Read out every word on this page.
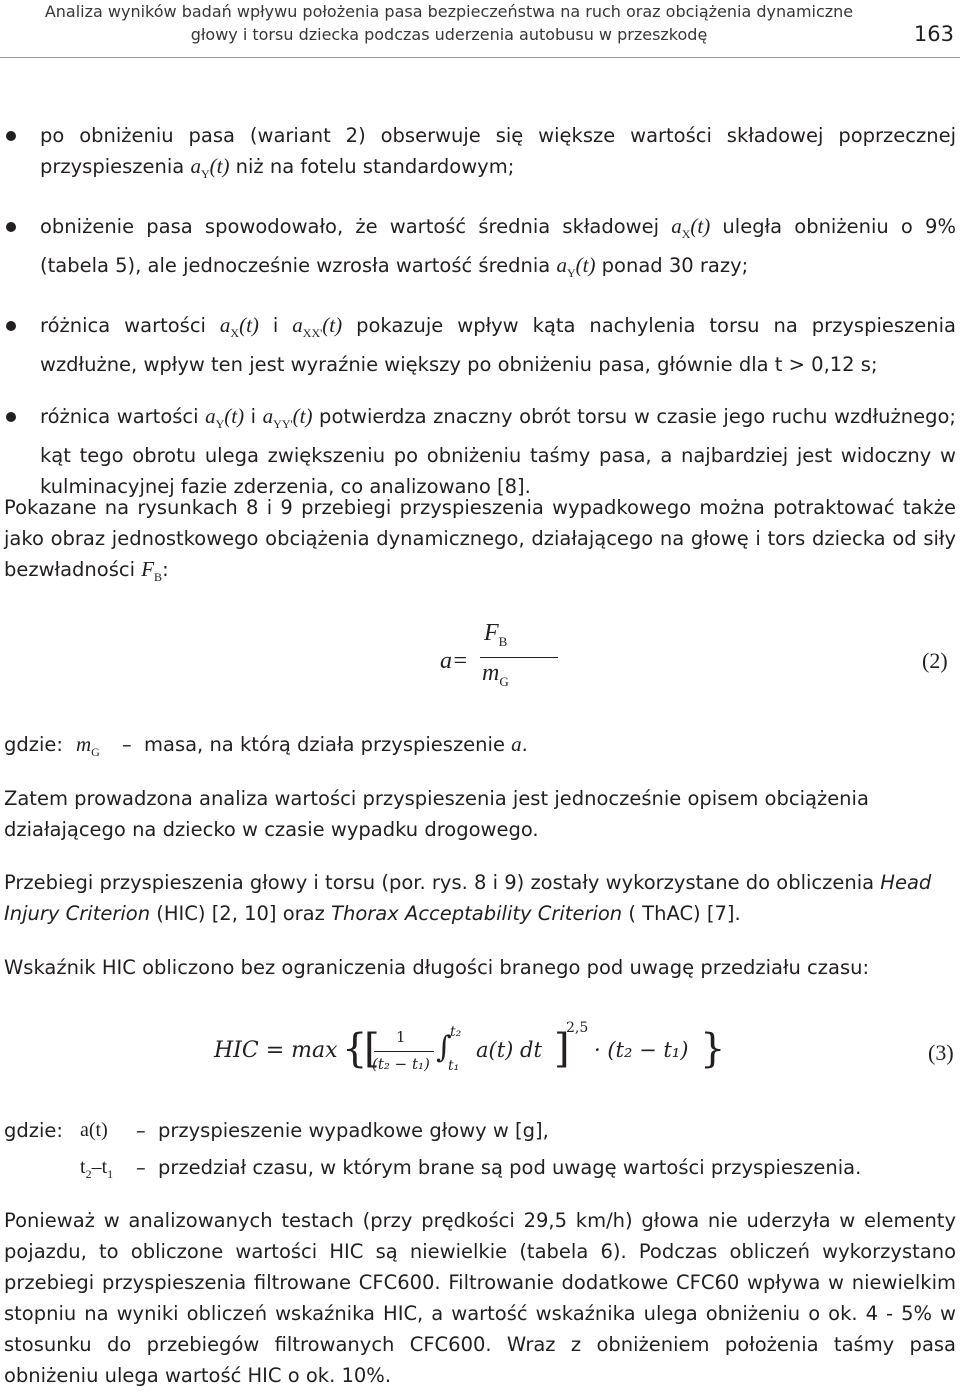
Analiza wyników badań wpływu położenia pasa bezpieczeństwa na ruch oraz obciążenia dynamiczne
głowy i torsu dziecka podczas uderzenia autobusu w przeszkodę	163
po obniżeniu pasa (wariant 2) obserwuje się większe wartości składowej poprzecznej przyspieszenia $a_Y(t)$ niż na fotelu standardowym;
obniżenie pasa spowodowało, że wartość średnia składowej $a_X(t)$ uległa obniżeniu o 9% (tabela 5), ale jednocześnie wzrosła wartość średnia $a_Y(t)$ ponad 30 razy;
różnica wartości $a_X(t)$ i $a_{XX'}(t)$ pokazuje wpływ kąta nachylenia torsu na przyspieszenia wzdłużne, wpływ ten jest wyraźnie większy po obniżeniu pasa, głównie dla t > 0,12 s;
różnica wartości $a_Y(t)$ i $a_{YY'}(t)$ potwierdza znaczny obrót torsu w czasie jego ruchu wzdłużnego; kąt tego obrotu ulega zwiększeniu po obniżeniu taśmy pasa, a najbardziej jest widoczny w kulminacyjnej fazie zderzenia, co analizowano [8].
Pokazane na rysunkach 8 i 9 przebiegi przyspieszenia wypadkowego można potraktować także jako obraz jednostkowego obciążenia dynamicznego, działającego na głowę i tors dziecka od siły bezwładności $F_B$:
a=
$F_B$
$m_G$
(2)
gdzie: $m_G$ – masa, na którą działa przyspieszenie a.
Zatem prowadzona analiza wartości przyspieszenia jest jednocześnie opisem obciążenia działającego na dziecko w czasie wypadku drogowego.
Przebiegi przyspieszenia głowy i torsu (por. rys. 8 i 9) zostały wykorzystane do obliczenia Head Injury Criterion (HIC) [2, 10] oraz Thorax Acceptability Criterion ( ThAC) [7].
Wskaźnik HIC obliczono bez ograniczenia długości branego pod uwagę przedziału czasu:
HIC = max {
[ 1
(t₂ − t₁) ∫
t₂
t₁
a(t) dt ]
2,5
· (t₂ − t₁) }	(3)
gdzie: a(t) – przyspieszenie wypadkowe głowy w [g],
$t_2-t_1$ – przedział czasu, w którym brane są pod uwagę wartości przyspieszenia.
Ponieważ w analizowanych testach (przy prędkości 29,5 km/h) głowa nie uderzyła w elementy pojazdu, to obliczone wartości HIC są niewielkie (tabela 6). Podczas obliczeń wykorzystano przebiegi przyspieszenia filtrowane CFC600. Filtrowanie dodatkowe CFC60 wpływa w niewielkim stopniu na wyniki obliczeń wskaźnika HIC, a wartość wskaźnika ulega obniżeniu o ok. 4 - 5% w stosunku do przebiegów filtrowanych CFC600. Wraz z obniżeniem położenia taśmy pasa obniżeniu ulega wartość HIC o ok. 10%.
